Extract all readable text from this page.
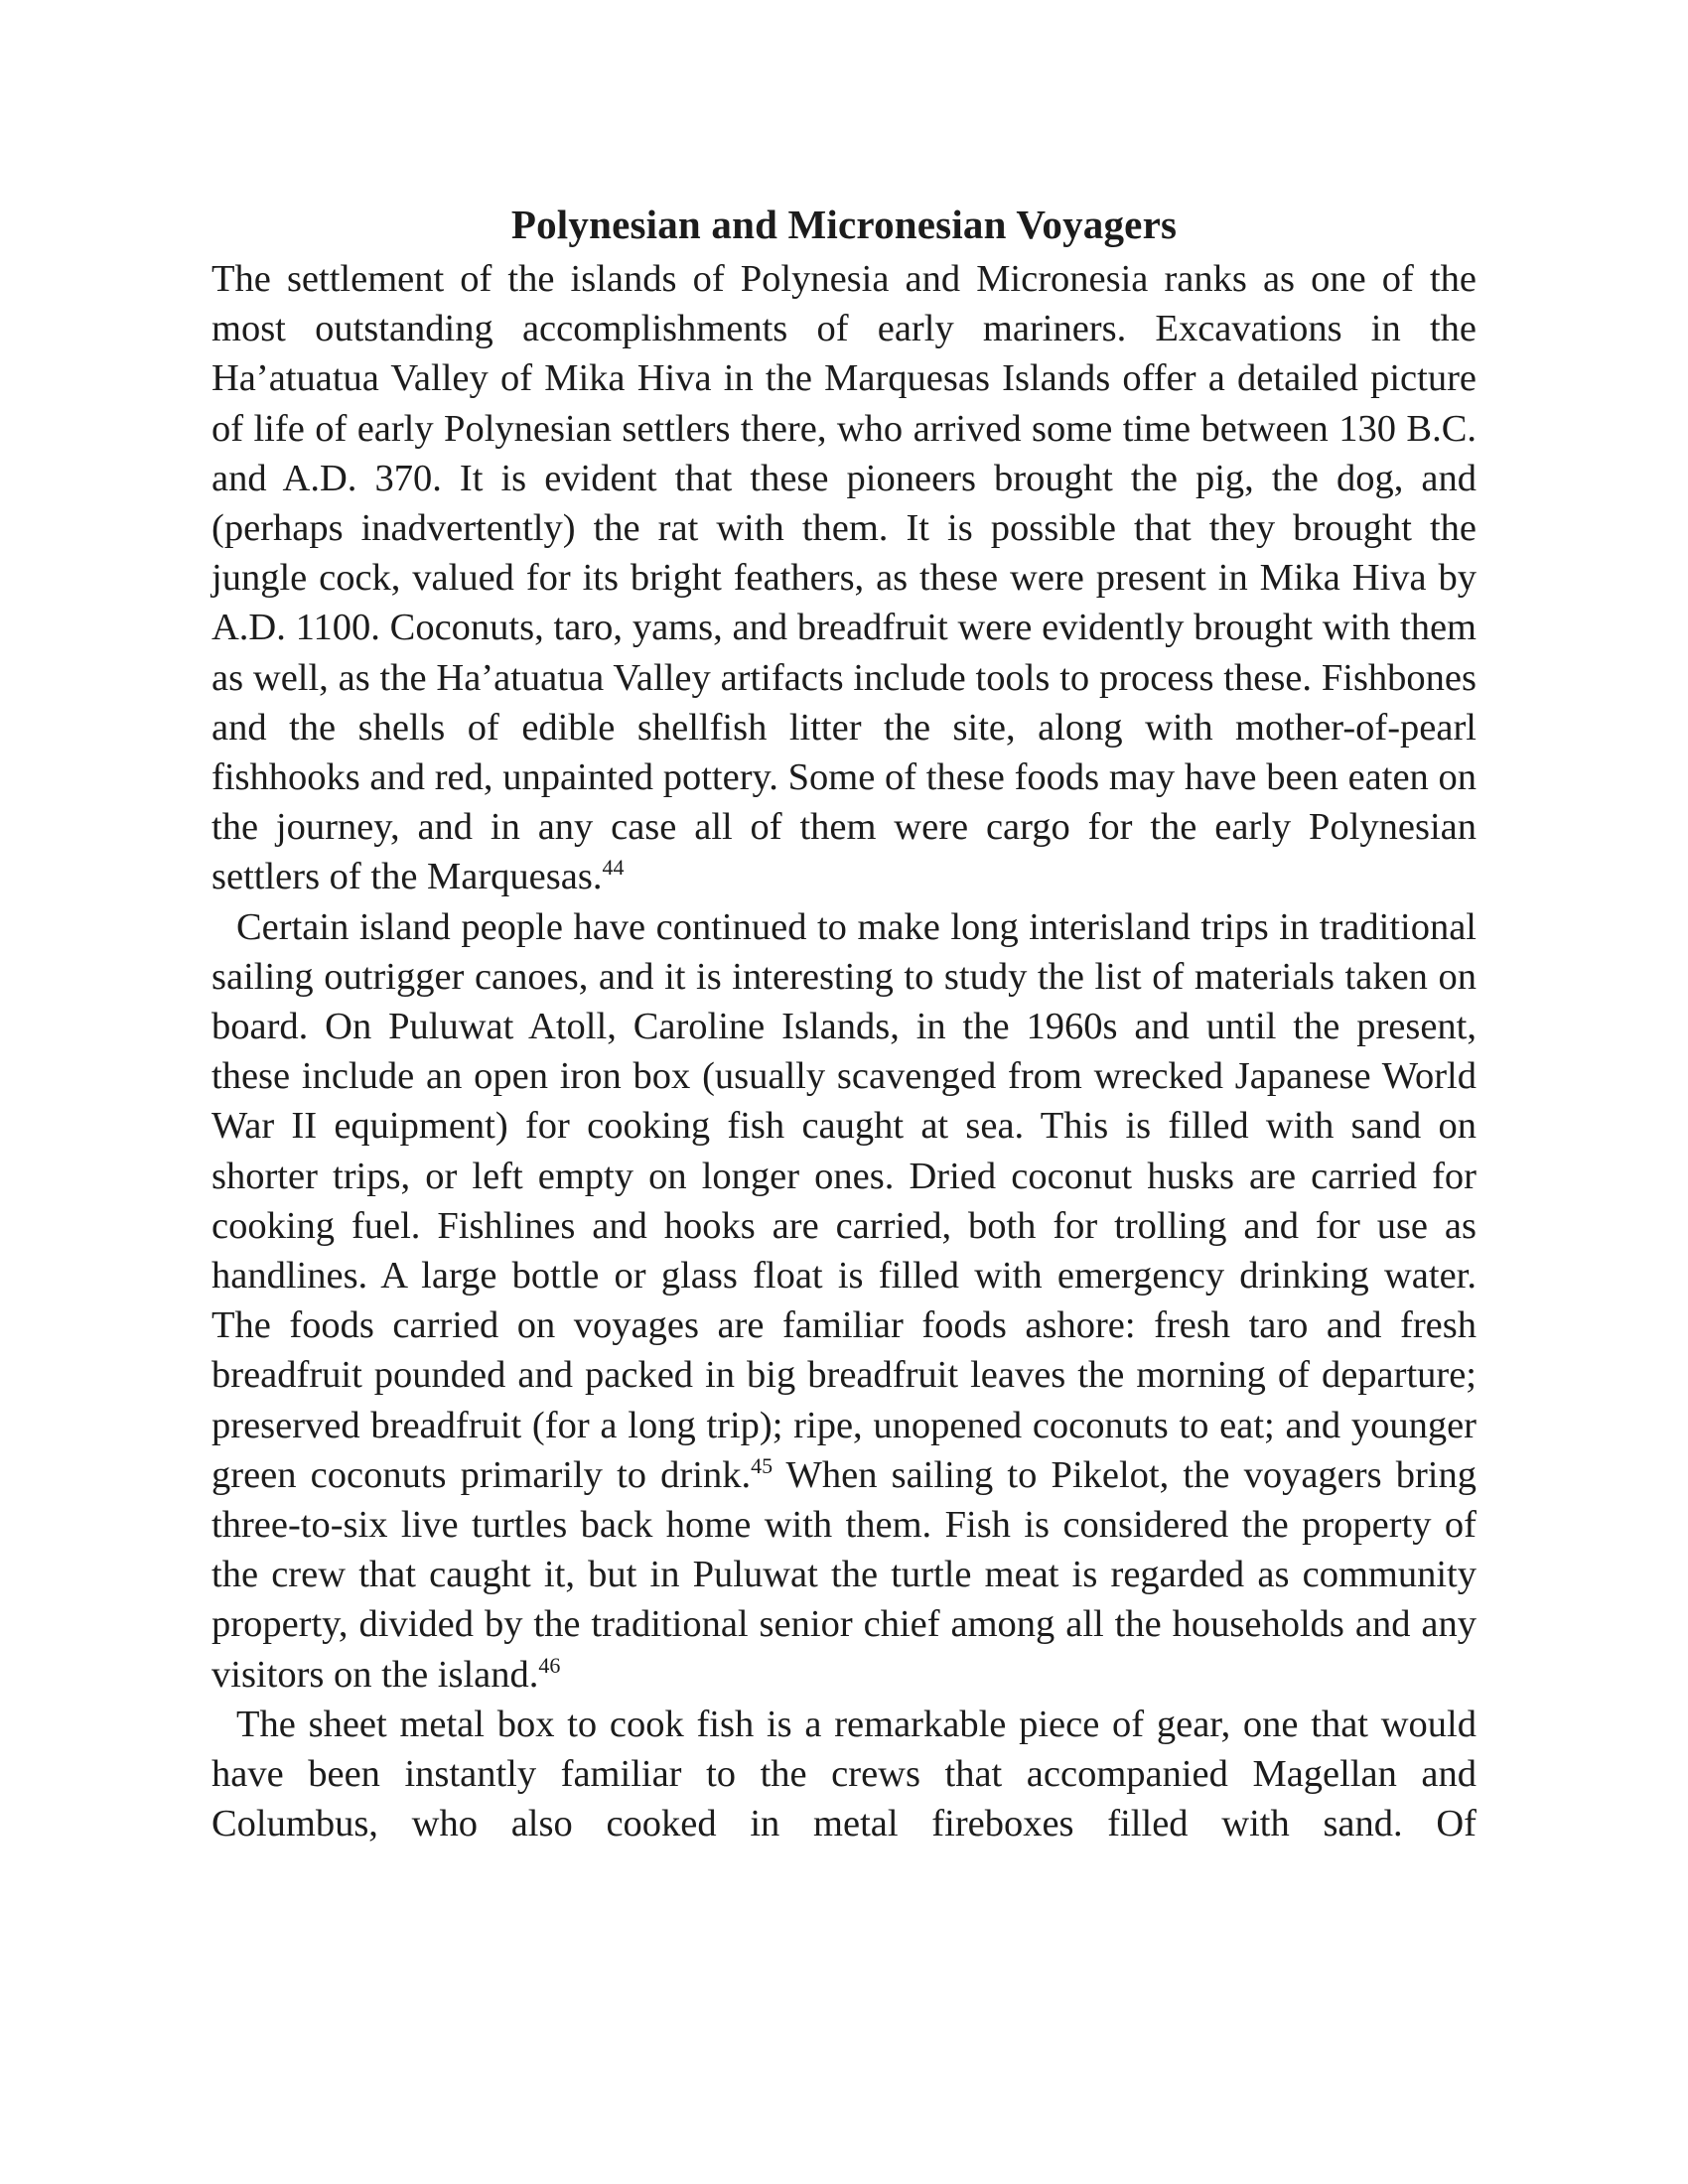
Polynesian and Micronesian Voyagers

The settlement of the islands of Polynesia and Micronesia ranks as one of the most outstanding accomplishments of early mariners. Excavations in the Ha’atuatua Valley of Mika Hiva in the Marquesas Islands offer a detailed picture of life of early Polynesian settlers there, who arrived some time between 130 B.C. and A.D. 370. It is evident that these pioneers brought the pig, the dog, and (perhaps inadvertently) the rat with them. It is possible that they brought the jungle cock, valued for its bright feathers, as these were present in Mika Hiva by A.D. 1100. Coconuts, taro, yams, and breadfruit were evidently brought with them as well, as the Ha’atuatua Valley artifacts include tools to process these. Fishbones and the shells of edible shellfish litter the site, along with mother-of-pearl fishhooks and red, unpainted pottery. Some of these foods may have been eaten on the journey, and in any case all of them were cargo for the early Polynesian settlers of the Marquesas.$^{44}$

Certain island people have continued to make long interisland trips in traditional sailing outrigger canoes, and it is interesting to study the list of materials taken on board. On Puluwat Atoll, Caroline Islands, in the 1960s and until the present, these include an open iron box (usually scavenged from wrecked Japanese World War II equipment) for cooking fish caught at sea. This is filled with sand on shorter trips, or left empty on longer ones. Dried coconut husks are carried for cooking fuel. Fishlines and hooks are carried, both for trolling and for use as handlines. A large bottle or glass float is filled with emergency drinking water. The foods carried on voyages are familiar foods ashore: fresh taro and fresh breadfruit pounded and packed in big breadfruit leaves the morning of departure; preserved breadfruit (for a long trip); ripe, unopened coconuts to eat; and younger green coconuts primarily to drink.$^{45}$ When sailing to Pikelot, the voyagers bring three-to-six live turtles back home with them. Fish is considered the property of the crew that caught it, but in Puluwat the turtle meat is regarded as community property, divided by the traditional senior chief among all the households and any visitors on the island.$^{46}$

The sheet metal box to cook fish is a remarkable piece of gear, one that would have been instantly familiar to the crews that accompanied Magellan and Columbus, who also cooked in metal fireboxes filled with sand. Of
